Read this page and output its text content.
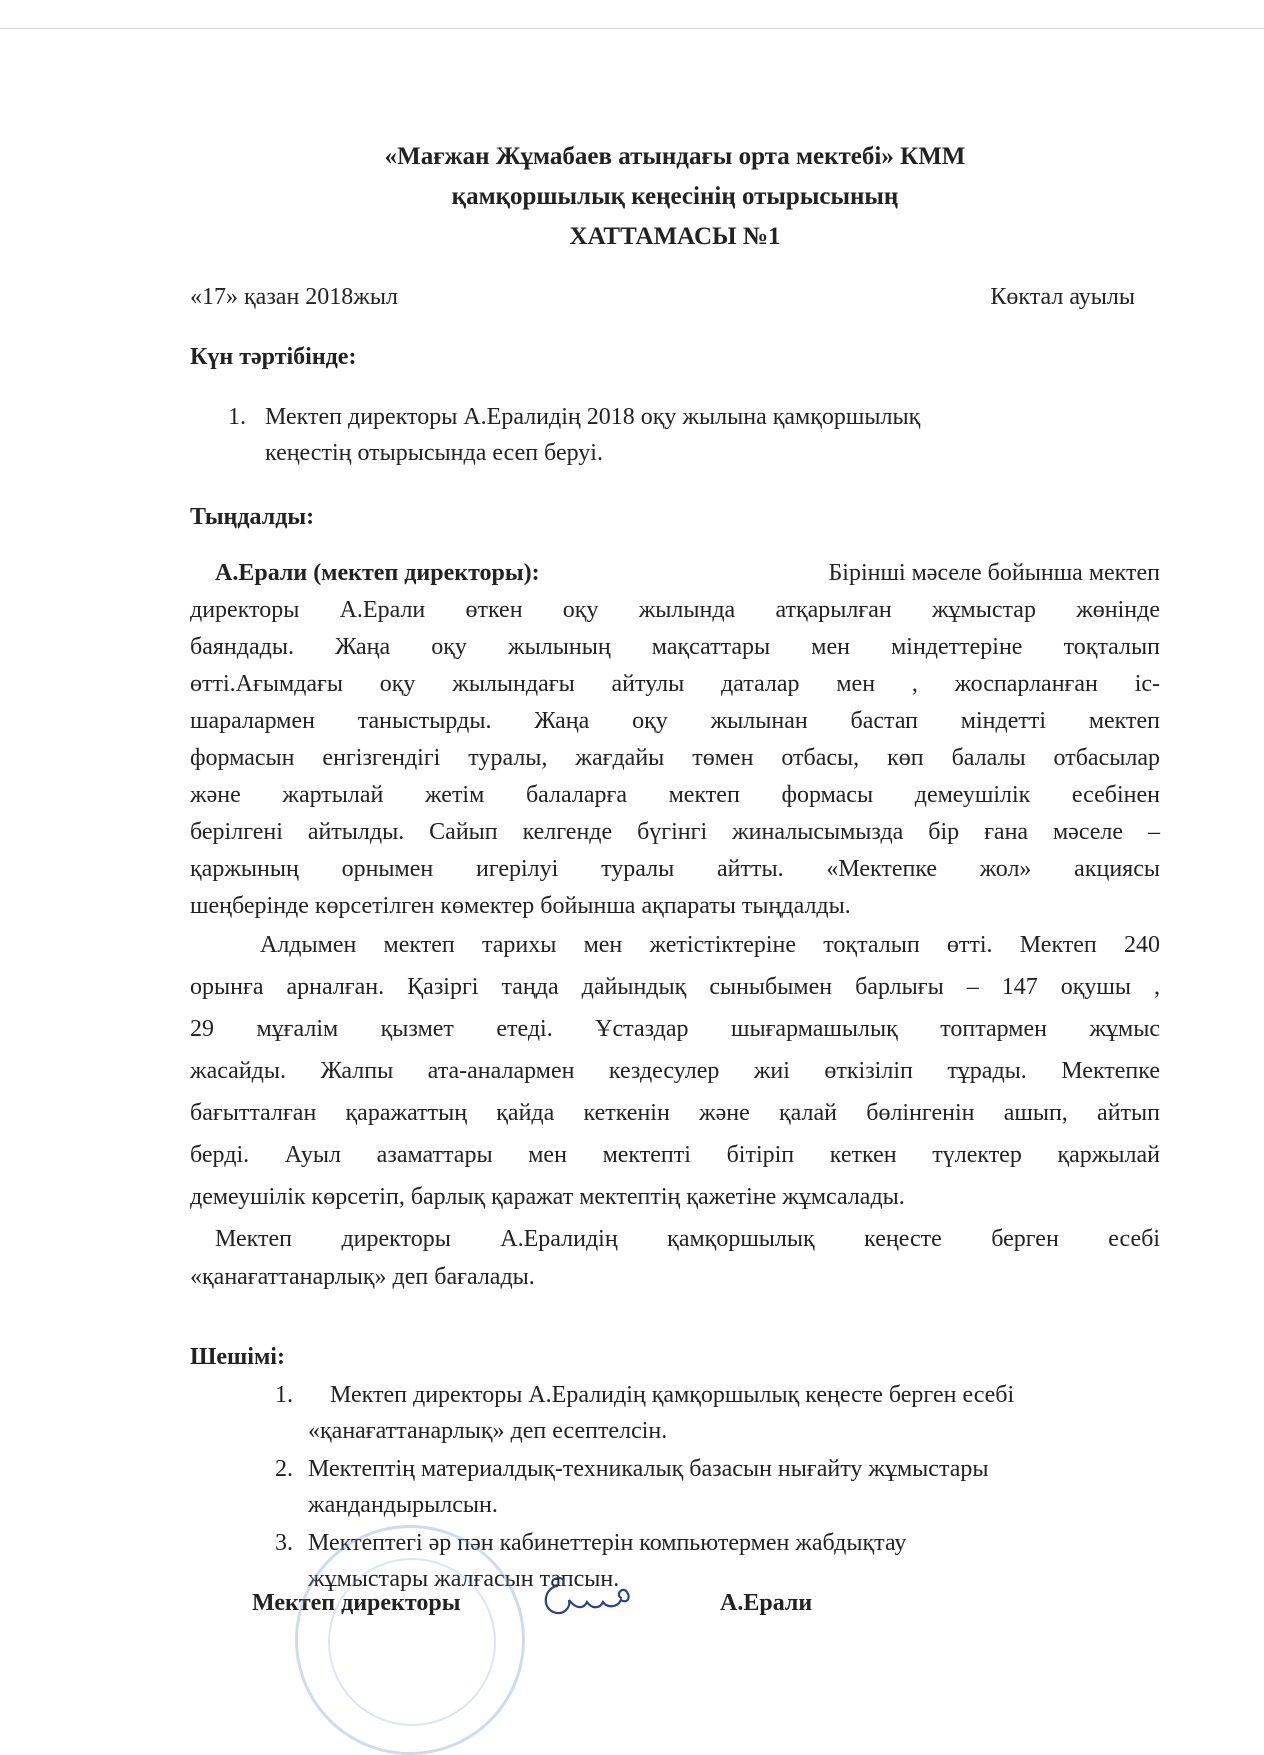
«Мағжан Жұмабаев атындағы орта мектебі» КММ
қамқоршылық кеңесінің отырысының
ХАТТАМАСЫ №1
«17» қазан 2018жыл	Көктал ауылы
Күн тәртібінде:
1. Мектеп директоры А.Ералидің 2018 оқу жылына қамқоршылық
кеңестің отырысында есеп беруі.
Тыңдалды:
А.Ерали (мектеп директоры):	Бірінші мәселе бойынша мектеп
директоры А.Ерали өткен оқу жылында атқарылған жұмыстар жөнінде
баяндады. Жаңа оқу жылының мақсаттары мен міндеттеріне тоқталып
өтті.Ағымдағы оқу жылындағы айтулы даталар мен , жоспарланған іс-
шаралармен таныстырды. Жаңа оқу жылынан бастап міндетті мектеп
формасын енгізгендігі туралы, жағдайы төмен отбасы, көп балалы отбасылар
және жартылай жетім балаларға мектеп формасы демеушілік есебінен
берілгені айтылды. Сайып келгенде бүгінгі жиналысымызда бір ғана мәселе –
қаржының орнымен игерілуі туралы айтты. «Мектепке жол» акциясы
шеңберінде көрсетілген көмектер бойынша ақпараты тыңдалды.
Алдымен мектеп тарихы мен жетістіктеріне тоқталып өтті. Мектеп 240
орынға арналған. Қазіргі таңда дайындық сыныбымен барлығы – 147 оқушы ,
29 мұғалім қызмет етеді. Ұстаздар шығармашылық топтармен жұмыс
жасайды. Жалпы ата-аналармен кездесулер жиі өткізіліп тұрады. Мектепке
бағытталған қаражаттың қайда кеткенін және қалай бөлінгенін ашып, айтып
берді. Ауыл азаматтары мен мектепті бітіріп кеткен түлектер қаржылай
демеушілік көрсетіп, барлық қаражат мектептің қажетіне жұмсалады.
Мектеп директоры А.Ералидің қамқоршылық кеңесте берген есебі
«қанағаттанарлық» деп бағалады.
Шешімі:
1. Мектеп директоры А.Ералидің қамқоршылық кеңесте берген есебі
«қанағаттанарлық» деп есептелсін.
2. Мектептің материалдық-техникалық базасын нығайту жұмыстары
жандандырылсын.
3. Мектептегі әр пән кабинеттерін компьютермен жабдықтау
жұмыстары жалғасын тапсын.
Мектеп директоры	А.Ерали
